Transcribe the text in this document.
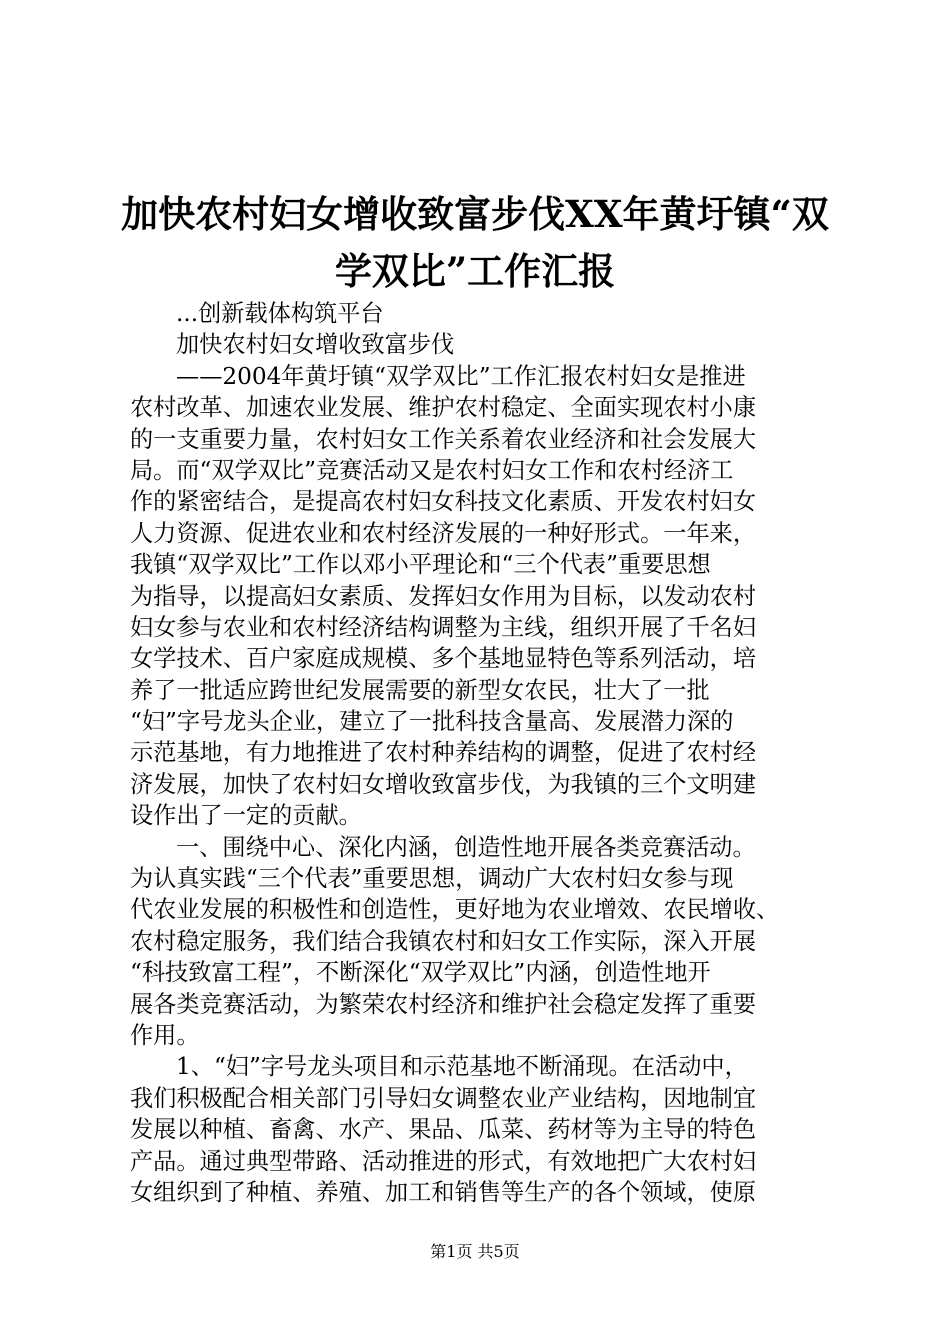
加快农村妇女增收致富步伐XX年黄圩镇“双
学双比”工作汇报
...创新载体构筑平台
加快农村妇女增收致富步伐
——2004年黄圩镇“双学双比”工作汇报农村妇女是推进
农村改革、加速农业发展、维护农村稳定、全面实现农村小康
的一支重要力量，农村妇女工作关系着农业经济和社会发展大
局。而“双学双比”竞赛活动又是农村妇女工作和农村经济工
作的紧密结合，是提高农村妇女科技文化素质、开发农村妇女
人力资源、促进农业和农村经济发展的一种好形式。一年来，
我镇“双学双比”工作以邓小平理论和“三个代表”重要思想
为指导，以提高妇女素质、发挥妇女作用为目标，以发动农村
妇女参与农业和农村经济结构调整为主线，组织开展了千名妇
女学技术、百户家庭成规模、多个基地显特色等系列活动，培
养了一批适应跨世纪发展需要的新型女农民，壮大了一批
“妇”字号龙头企业，建立了一批科技含量高、发展潜力深的
示范基地，有力地推进了农村种养结构的调整，促进了农村经
济发展，加快了农村妇女增收致富步伐，为我镇的三个文明建
设作出了一定的贡献。
一、围绕中心、深化内涵，创造性地开展各类竞赛活动。
为认真实践“三个代表”重要思想，调动广大农村妇女参与现
代农业发展的积极性和创造性，更好地为农业增效、农民增收、
农村稳定服务，我们结合我镇农村和妇女工作实际，深入开展
“科技致富工程”，不断深化“双学双比”内涵，创造性地开
展各类竞赛活动，为繁荣农村经济和维护社会稳定发挥了重要
作用。
1、“妇”字号龙头项目和示范基地不断涌现。在活动中，
我们积极配合相关部门引导妇女调整农业产业结构，因地制宜
发展以种植、畜禽、水产、果品、瓜菜、药材等为主导的特色
产品。通过典型带路、活动推进的形式，有效地把广大农村妇
女组织到了种植、养殖、加工和销售等生产的各个领域，使原
第1页 共5页
